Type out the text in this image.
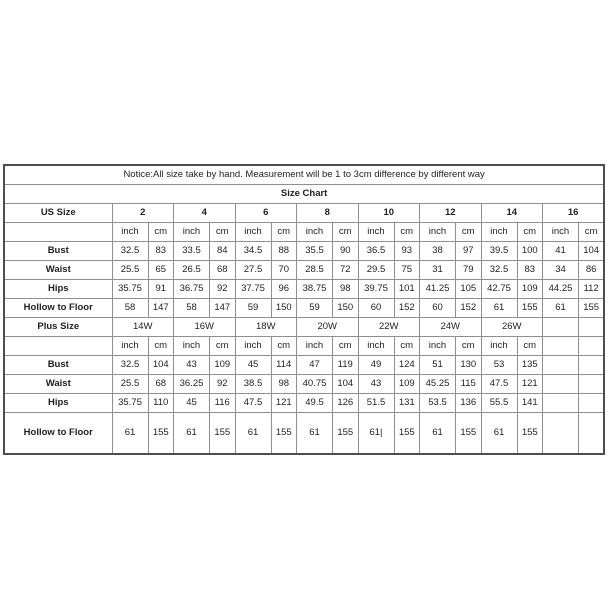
Notice:All size take by hand. Measurement will be 1 to 3cm difference by different way																
Size Chart																
US Size	2		4		6		8		10		12		14		16	
	inch	cm	inch	cm	inch	cm	inch	cm	inch	cm	inch	cm	inch	cm	inch	cm
Bust	32.5	83	33.5	84	34.5	88	35.5	90	36.5	93	38	97	39.5	100	41	104
Waist	25.5	65	26.5	68	27.5	70	28.5	72	29.5	75	31	79	32.5	83	34	86
Hips	35.75	91	36.75	92	37.75	96	38.75	98	39.75	101	41.25	105	42.75	109	44.25	112
Hollow to Floor	58	147	58	147	59	150	59	150	60	152	60	152	61	155	61	155
Plus Size	14W		16W		18W		20W		22W		24W		26W			
	inch	cm	inch	cm	inch	cm	inch	cm	inch	cm	inch	cm	inch	cm		
Bust	32.5	104	43	109	45	114	47	119	49	124	51	130	53	135		
Waist	25.5	68	36.25	92	38.5	98	40.75	104	43	109	45.25	115	47.5	121		
Hips	35.75	110	45	116	47.5	121	49.5	126	51.5	131	53.5	136	55.5	141		
Hollow to Floor	61	155	61	155	61	155	61	155	61|	155	61	155	61	155		
